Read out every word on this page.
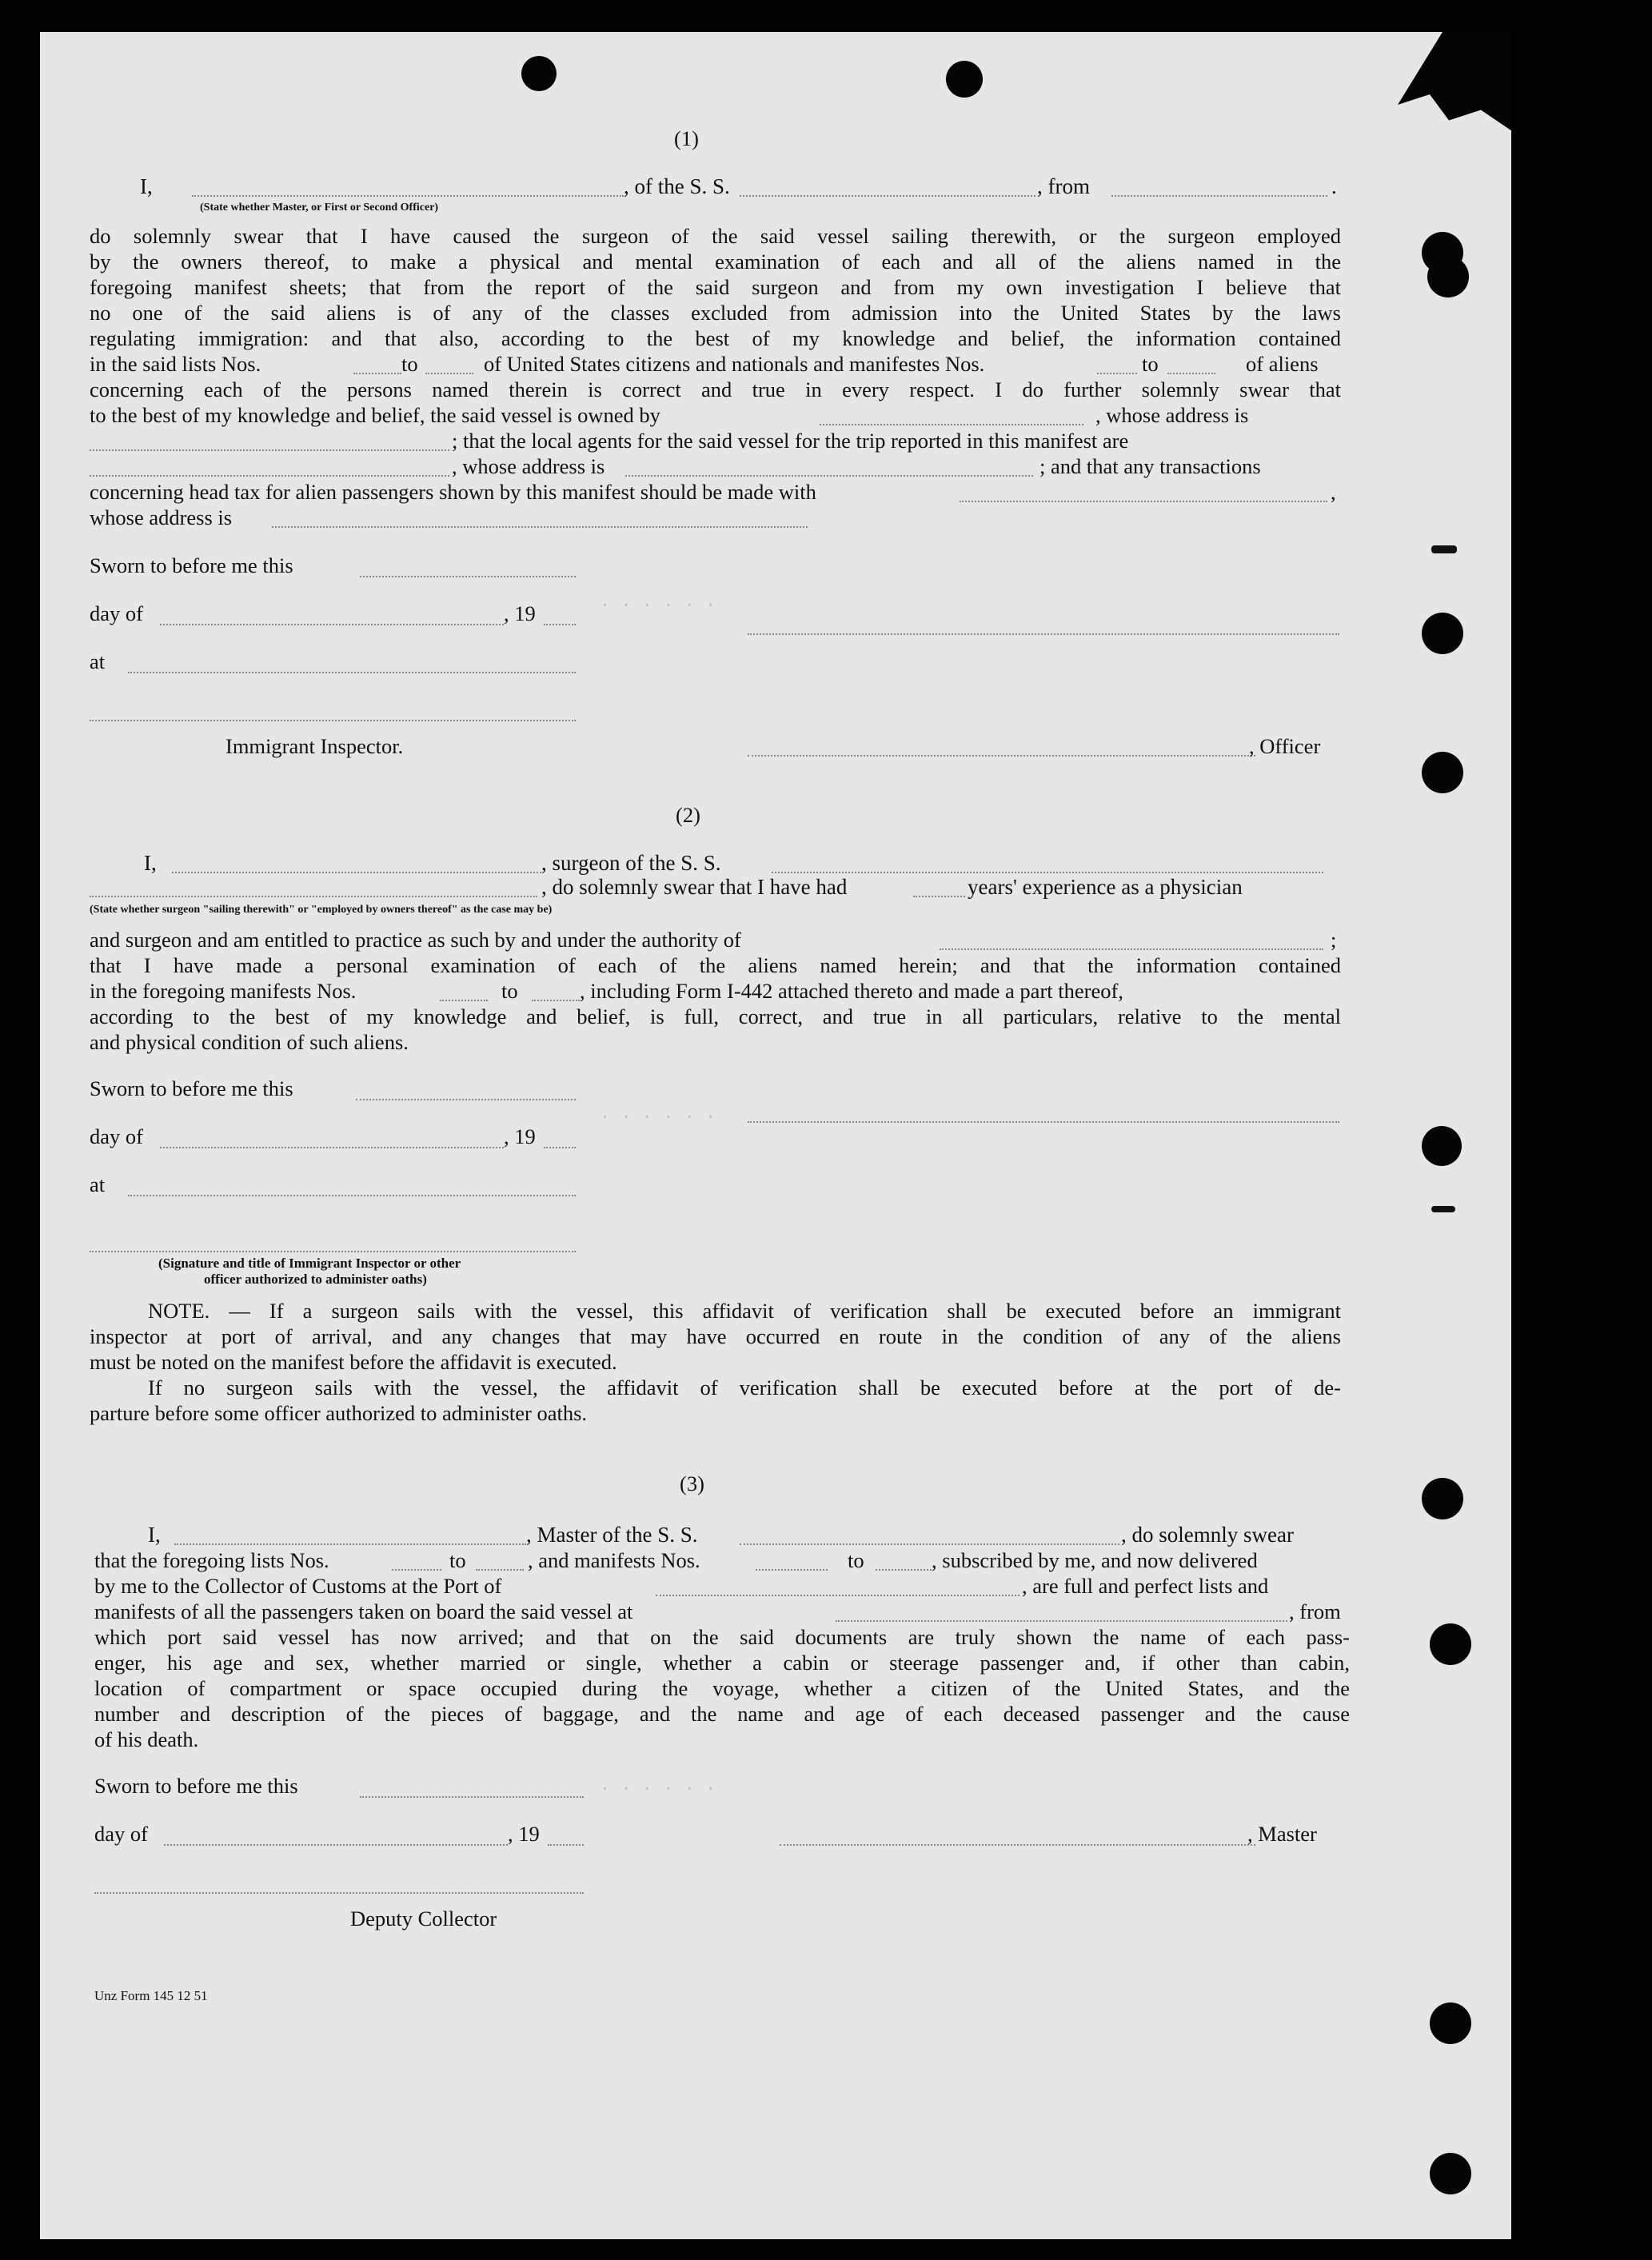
. . . . . .
. . . . . .
. . . . . .
(1)
I,	, of the S. S.	, from	.
(State whether Master, or First or Second Officer)
do solemnly swear that I have caused the surgeon of the said vessel sailing therewith, or the surgeon employed
by the owners thereof, to make a physical and mental examination of each and all of the aliens named in the
foregoing manifest sheets; that from the report of the said surgeon and from my own investigation I believe that
no one of the said aliens is of any of the classes excluded from admission into the United States by the laws
regulating immigration: and that also, according to the best of my knowledge and belief, the information contained
in the said lists Nos.	to	of United States citizens and nationals and manifestes Nos.	to	of aliens
concerning each of the persons named therein is correct and true in every respect. I do further solemnly swear that
to the best of my knowledge and belief, the said vessel is owned by	, whose address is
; that the local agents for the said vessel for the trip reported in this manifest are
, whose address is	; and that any transactions
concerning head tax for alien passengers shown by this manifest should be made with	,
whose address is
Sworn to before me this
day of	, 19
at
Immigrant Inspector.	, Officer
(2)
I,	, surgeon of the S. S.
, do solemnly swear that I have had	years' experience as a physician
(State whether surgeon "sailing therewith" or "employed by owners thereof" as the case may be)
and surgeon and am entitled to practice as such by and under the authority of	;
that I have made a personal examination of each of the aliens named herein; and that the information contained
in the foregoing manifests Nos.	to	, including Form I-442 attached thereto and made a part thereof,
according to the best of my knowledge and belief, is full, correct, and true in all particulars, relative to the mental
and physical condition of such aliens.
Sworn to before me this
day of	, 19
at
(Signature and title of Immigrant Inspector or other
officer authorized to administer oaths)
NOTE. — If a surgeon sails with the vessel, this affidavit of verification shall be executed before an immigrant
inspector at port of arrival, and any changes that may have occurred en route in the condition of any of the aliens
must be noted on the manifest before the affidavit is executed.
If no surgeon sails with the vessel, the affidavit of verification shall be executed before at the port of de-
parture before some officer authorized to administer oaths.
(3)
I,	, Master of the S. S.	, do solemnly swear
that the foregoing lists Nos.	to	, and manifests Nos.	to	, subscribed by me, and now delivered
by me to the Collector of Customs at the Port of	, are full and perfect lists and
manifests of all the passengers taken on board the said vessel at	, from
which port said vessel has now arrived; and that on the said documents are truly shown the name of each pass-
enger, his age and sex, whether married or single, whether a cabin or steerage passenger and, if other than cabin,
location of compartment or space occupied during the voyage, whether a citizen of the United States, and the
number and description of the pieces of baggage, and the name and age of each deceased passenger and the cause
of his death.
Sworn to before me this
day of	, 19	, Master
Deputy Collector
Unz Form 145 12 51
